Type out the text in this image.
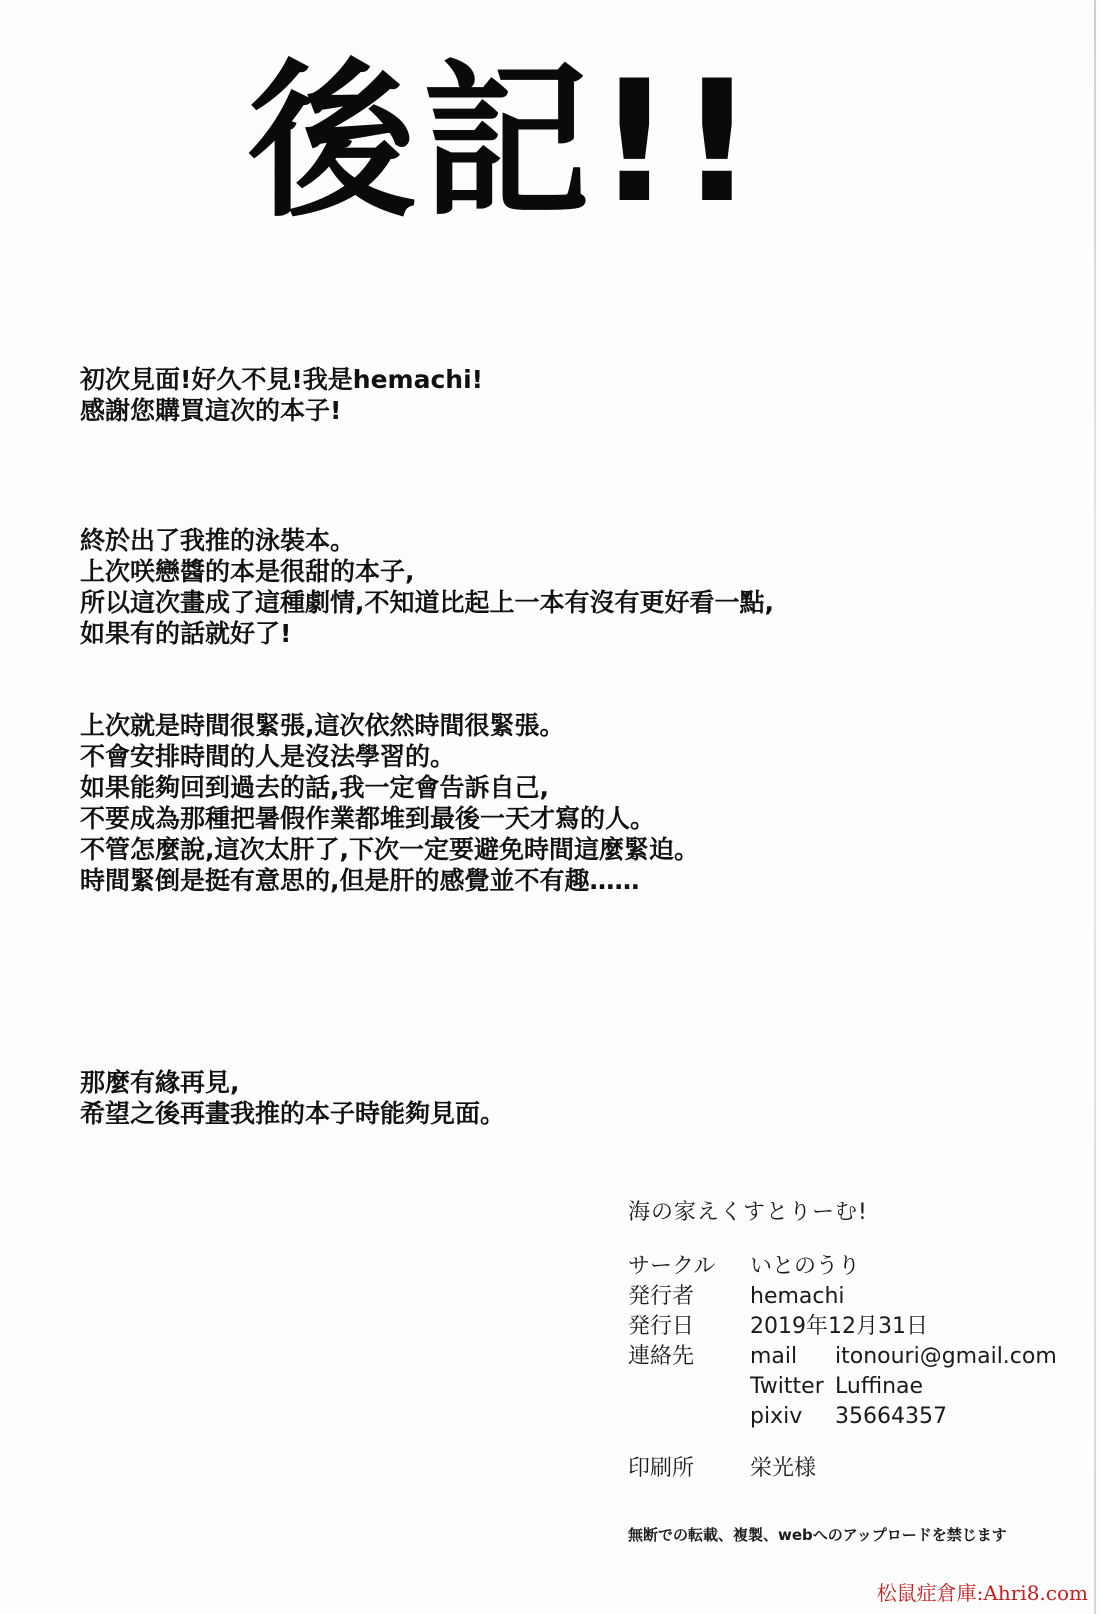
後記!!
初次見面!好久不見!我是hemachi!
感謝您購買這次的本子!
終於出了我推的泳裝本。
上次咲戀醬的本是很甜的本子,
所以這次畫成了這種劇情,不知道比起上一本有沒有更好看一點,
如果有的話就好了!
上次就是時間很緊張,這次依然時間很緊張。
不會安排時間的人是沒法學習的。
如果能夠回到過去的話,我一定會告訴自己,
不要成為那種把暑假作業都堆到最後一天才寫的人。
不管怎麼說,這次太肝了,下次一定要避免時間這麼緊迫。
時間緊倒是挺有意思的,但是肝的感覺並不有趣……
那麼有緣再見,
希望之後再畫我推的本子時能夠見面。
海の家えくすとりーむ!
サークル	いとのうり
発行者	hemachi
発行日	2019年12月31日
連絡先	mail itonouri@gmail.com
Twitter Luffinae
pixiv 35664357
印刷所	栄光様
無断での転載、複製、webへのアップロードを禁じます
松鼠症倉庫:Ahri8.com
